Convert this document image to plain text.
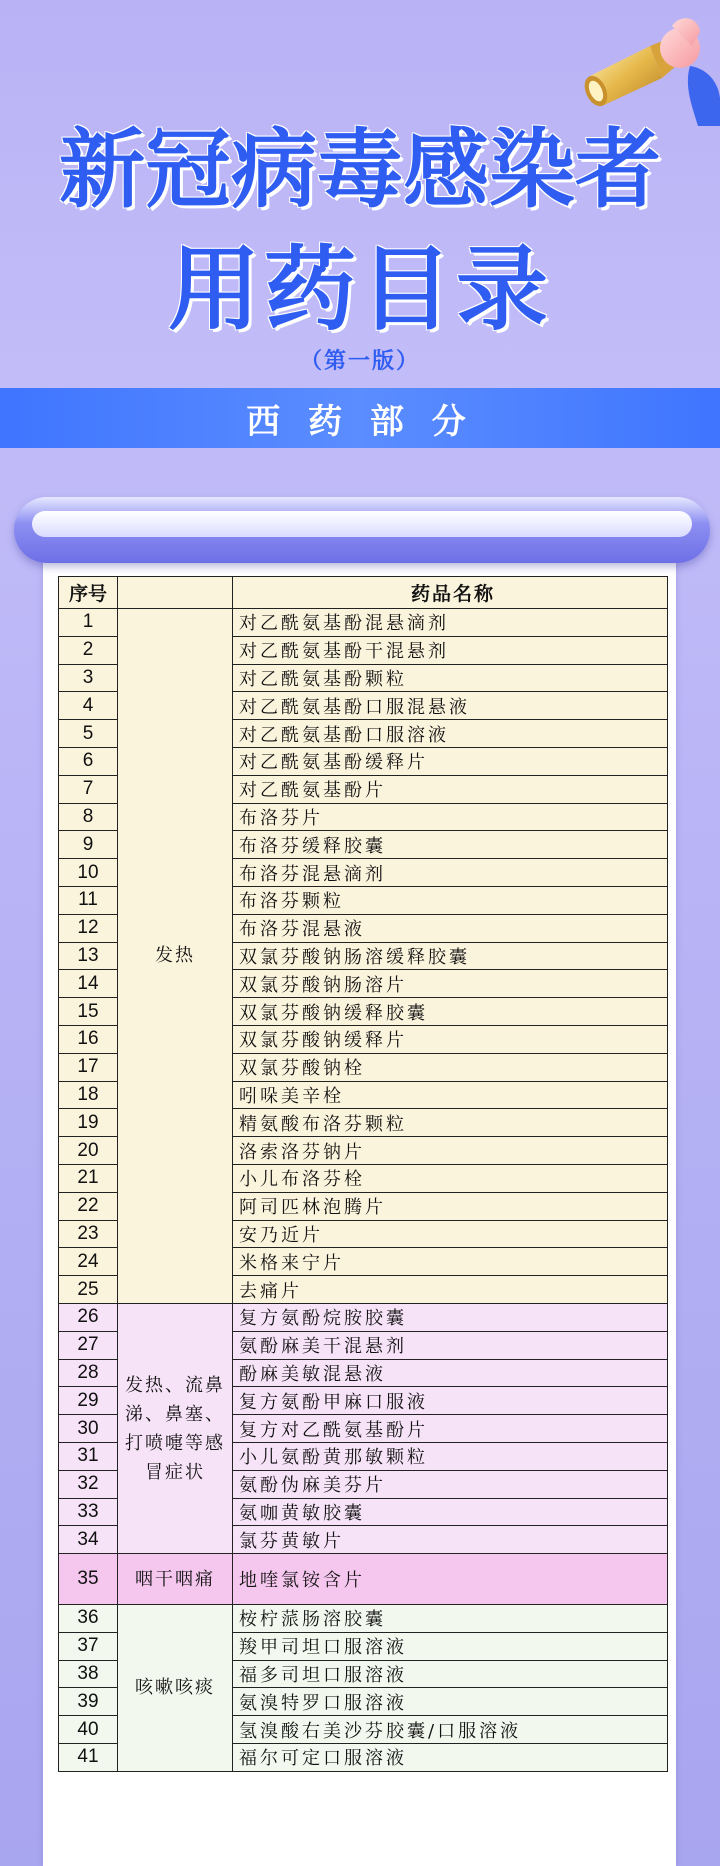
新冠病毒感染者
用药目录
（第一版）
西 药 部 分
序号		药品名称
1	发热	对乙酰氨基酚混悬滴剂
2		对乙酰氨基酚干混悬剂
3		对乙酰氨基酚颗粒
4		对乙酰氨基酚口服混悬液
5		对乙酰氨基酚口服溶液
6		对乙酰氨基酚缓释片
7		对乙酰氨基酚片
8		布洛芬片
9		布洛芬缓释胶囊
10		布洛芬混悬滴剂
11		布洛芬颗粒
12		布洛芬混悬液
13		双氯芬酸钠肠溶缓释胶囊
14		双氯芬酸钠肠溶片
15		双氯芬酸钠缓释胶囊
16		双氯芬酸钠缓释片
17		双氯芬酸钠栓
18		吲哚美辛栓
19		精氨酸布洛芬颗粒
20		洛索洛芬钠片
21		小儿布洛芬栓
22		阿司匹林泡腾片
23		安乃近片
24		米格来宁片
25		去痛片
26	发热、流鼻涕、鼻塞、打喷嚏等感冒症状	复方氨酚烷胺胶囊
27		氨酚麻美干混悬剂
28		酚麻美敏混悬液
29		复方氨酚甲麻口服液
30		复方对乙酰氨基酚片
31		小儿氨酚黄那敏颗粒
32		氨酚伪麻美芬片
33		氨咖黄敏胶囊
34		氯芬黄敏片
35	咽干咽痛	地喹氯铵含片
36	咳嗽咳痰	桉柠蒎肠溶胶囊
37		羧甲司坦口服溶液
38		福多司坦口服溶液
39		氨溴特罗口服溶液
40		氢溴酸右美沙芬胶囊/口服溶液
41		福尔可定口服溶液
